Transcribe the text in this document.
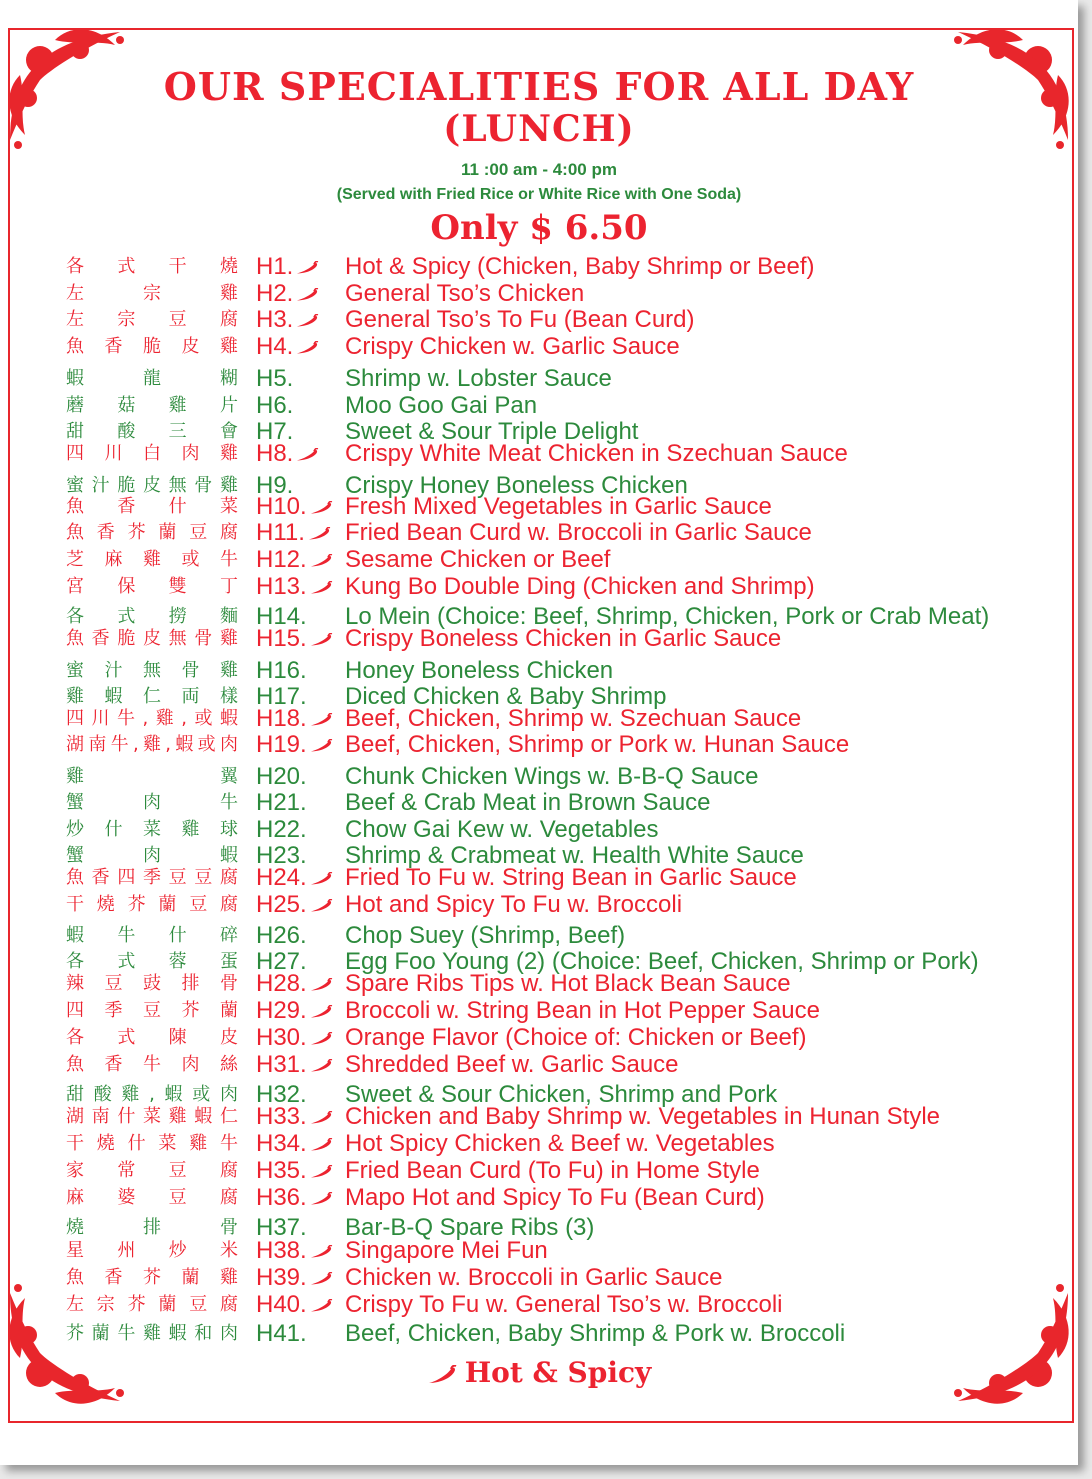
OUR SPECIALITIES FOR ALL DAY
(LUNCH)
11 :00 am - 4:00 pm
(Served with Fried Rice or White Rice with One Soda)
Only $ 6.50
各 式 干 燒 H1.	Hot & Spicy (Chicken, Baby Shrimp or Beef)
左	宗	雞 H2.	General Tso’s Chicken
左 宗 豆 腐 H3.	General Tso’s To Fu (Bean Curd)
魚 香 脆 皮 雞 H4.	Crispy Chicken w. Garlic Sauce
蝦	龍	糊 H5.	Shrimp w. Lobster Sauce
蘑 菇 雞 片 H6.	Moo Goo Gai Pan
甜 酸 三 會 H7.	Sweet & Sour Triple Delight
四 川 白 肉 雞 H8.	Crispy White Meat Chicken in Szechuan Sauce
蜜 汁 脆 皮 無 骨 雞 H9.	Crispy Honey Boneless Chicken
魚 香 什 菜 H10.	Fresh Mixed Vegetables in Garlic Sauce
魚 香 芥 蘭 豆 腐 H11.	Fried Bean Curd w. Broccoli in Garlic Sauce
芝 麻 雞 或 牛 H12.	Sesame Chicken or Beef
宮 保 雙 丁 H13.	Kung Bo Double Ding (Chicken and Shrimp)
各 式 撈 麵 H14.	Lo Mein (Choice: Beef, Shrimp, Chicken, Pork or Crab Meat)
魚 香 脆 皮 無 骨 雞 H15.	Crispy Boneless Chicken in Garlic Sauce
蜜 汁 無 骨 雞 H16.	Honey Boneless Chicken
雞 蝦 仁 両 樣 H17.	Diced Chicken & Baby Shrimp
四 川 牛 , 雞 , 或 蝦 H18.	Beef, Chicken, Shrimp w. Szechuan Sauce
湖 南 牛 , 雞 , 蝦 或 肉 H19.	Beef, Chicken, Shrimp or Pork w. Hunan Sauce
雞	翼 H20.	Chunk Chicken Wings w. B-B-Q Sauce
蟹	肉	牛 H21.	Beef & Crab Meat in Brown Sauce
炒 什 菜 雞 球 H22.	Chow Gai Kew w. Vegetables
蟹	肉	蝦 H23.	Shrimp & Crabmeat w. Health White Sauce
魚 香 四 季 豆 豆 腐 H24.	Fried To Fu w. String Bean in Garlic Sauce
干 燒 芥 蘭 豆 腐 H25.	Hot and Spicy To Fu w. Broccoli
蝦 牛 什 碎 H26.	Chop Suey (Shrimp, Beef)
各 式 蓉 蛋 H27.	Egg Foo Young (2) (Choice: Beef, Chicken, Shrimp or Pork)
辣 豆 豉 排 骨 H28.	Spare Ribs Tips w. Hot Black Bean Sauce
四 季 豆 芥 蘭 H29.	Broccoli w. String Bean in Hot Pepper Sauce
各 式 陳 皮 H30.	Orange Flavor (Choice of: Chicken or Beef)
魚 香 牛 肉 絲 H31.	Shredded Beef w. Garlic Sauce
甜 酸 雞 , 蝦 或 肉 H32.	Sweet & Sour Chicken, Shrimp and Pork
湖 南 什 菜 雞 蝦 仁 H33.	Chicken and Baby Shrimp w. Vegetables in Hunan Style
干 燒 什 菜 雞 牛 H34.	Hot Spicy Chicken & Beef w. Vegetables
家 常 豆 腐 H35.	Fried Bean Curd (To Fu) in Home Style
麻 婆 豆 腐 H36.	Mapo Hot and Spicy To Fu (Bean Curd)
燒	排	骨 H37.	Bar-B-Q Spare Ribs (3)
星 州 炒 米 H38.	Singapore Mei Fun
魚 香 芥 蘭 雞 H39.	Chicken w. Broccoli in Garlic Sauce
左 宗 芥 蘭 豆 腐 H40.	Crispy To Fu w. General Tso’s w. Broccoli
芥 蘭 牛 雞 蝦 和 肉 H41.	Beef, Chicken, Baby Shrimp & Pork w. Broccoli
Hot & Spicy
